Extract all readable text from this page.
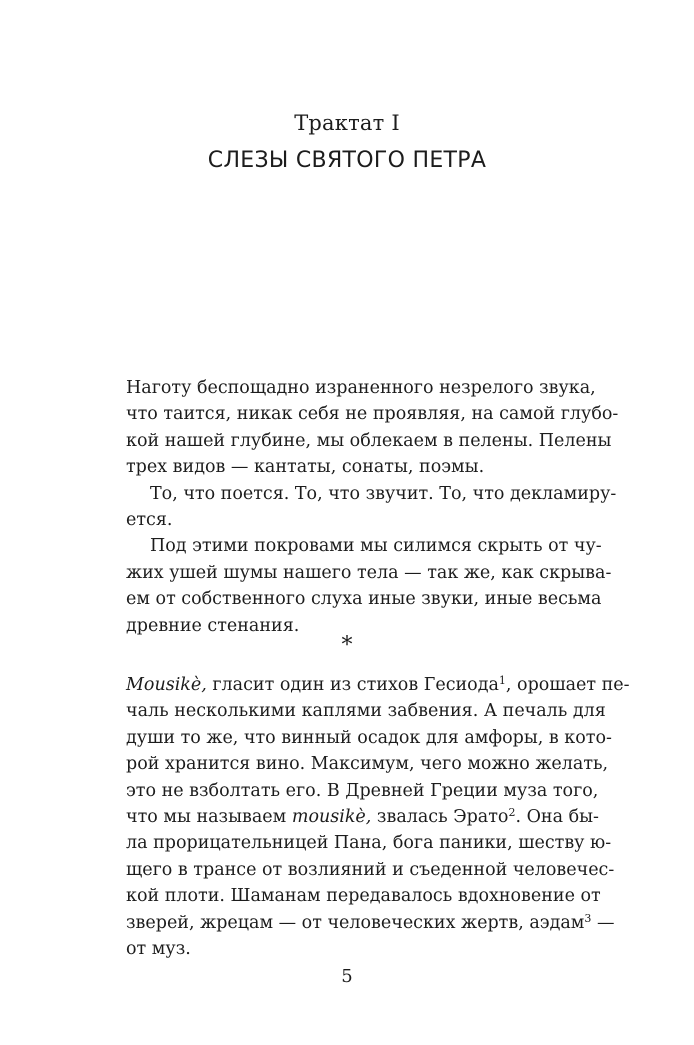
Трактат I
СЛЕЗЫ СВЯТОГО ПЕТРА

Наготу беспощадно израненного незрелого звука,
что таится, никак себя не проявляя, на самой глубо-
кой нашей глубине, мы облекаем в пелены. Пелены
трех видов — кантаты, сонаты, поэмы.

То, что поется. То, что звучит. То, что декламиру-
ется.

Под этими покровами мы силимся скрыть от чу-
жих ушей шумы нашего тела — так же, как скрыва-
ем от собственного слуха иные звуки, иные весьма
древние стенания.

*

Mousikè, гласит один из стихов Гесиода$^1$, орошает пе-
чаль несколькими каплями забвения. А печаль для
души то же, что винный осадок для амфоры, в кото-
рой хранится вино. Максимум, чего можно желать,
это не взболтать его. В Древней Греции муза того,
что мы называем mousikè, звалась Эрато$^2$. Она бы-
ла прорицательницей Пана, бога паники, шеству ю-
щего в трансе от возлияний и съеденной человечес-
кой плоти. Шаманам передавалось вдохновение от
зверей, жрецам — от человеческих жертв, аэдам$^3$ —
от муз.

5
